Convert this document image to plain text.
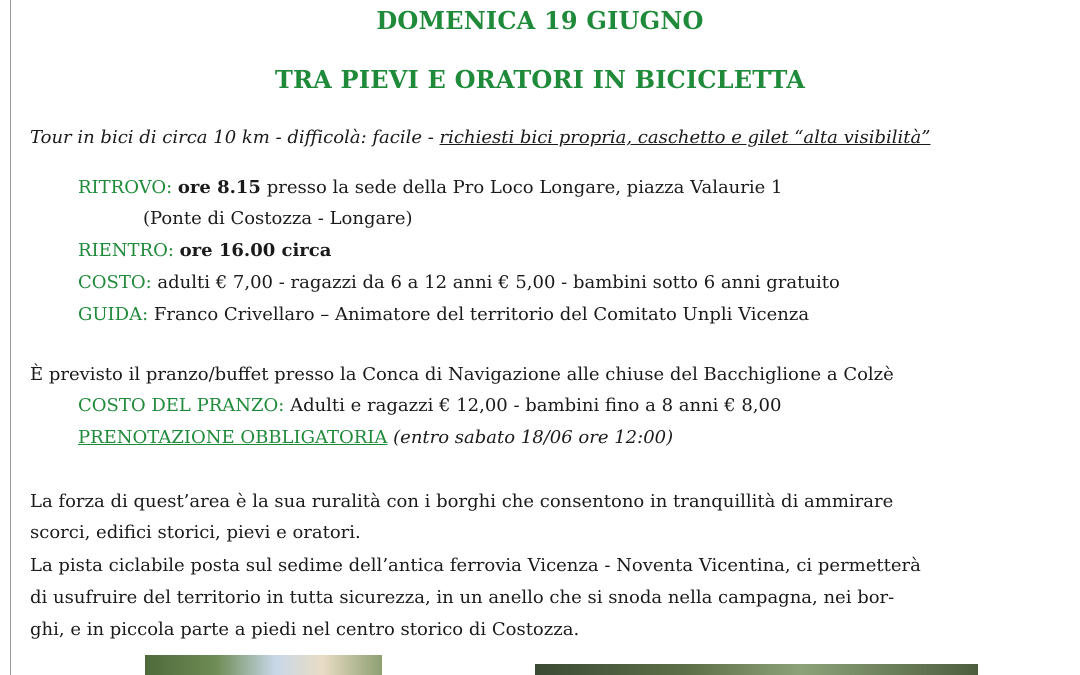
DOMENICA 19 GIUGNO
TRA PIEVI E ORATORI IN BICICLETTA
Tour in bici di circa 10 km - difficolà: facile - richiesti bici propria, caschetto e gilet “alta visibilità”
RITROVO: ore 8.15 presso la sede della Pro Loco Longare, piazza Valaurie 1
(Ponte di Costozza - Longare)
RIENTRO: ore 16.00 circa
COSTO: adulti € 7,00 - ragazzi da 6 a 12 anni € 5,00 - bambini sotto 6 anni gratuito
GUIDA: Franco Crivellaro – Animatore del territorio del Comitato Unpli Vicenza
È previsto il pranzo/buffet presso la Conca di Navigazione alle chiuse del Bacchiglione a Colzè
COSTO DEL PRANZO: Adulti e ragazzi € 12,00 - bambini fino a 8 anni € 8,00
PRENOTAZIONE OBBLIGATORIA (entro sabato 18/06 ore 12:00)
La forza di quest’area è la sua ruralità con i borghi che consentono in tranquillità di ammirare
scorci, edifici storici, pievi e oratori.
La pista ciclabile posta sul sedime dell’antica ferrovia Vicenza - Noventa Vicentina, ci permetterà
di usufruire del territorio in tutta sicurezza, in un anello che si snoda nella campagna, nei bor-
ghi, e in piccola parte a piedi nel centro storico di Costozza.
